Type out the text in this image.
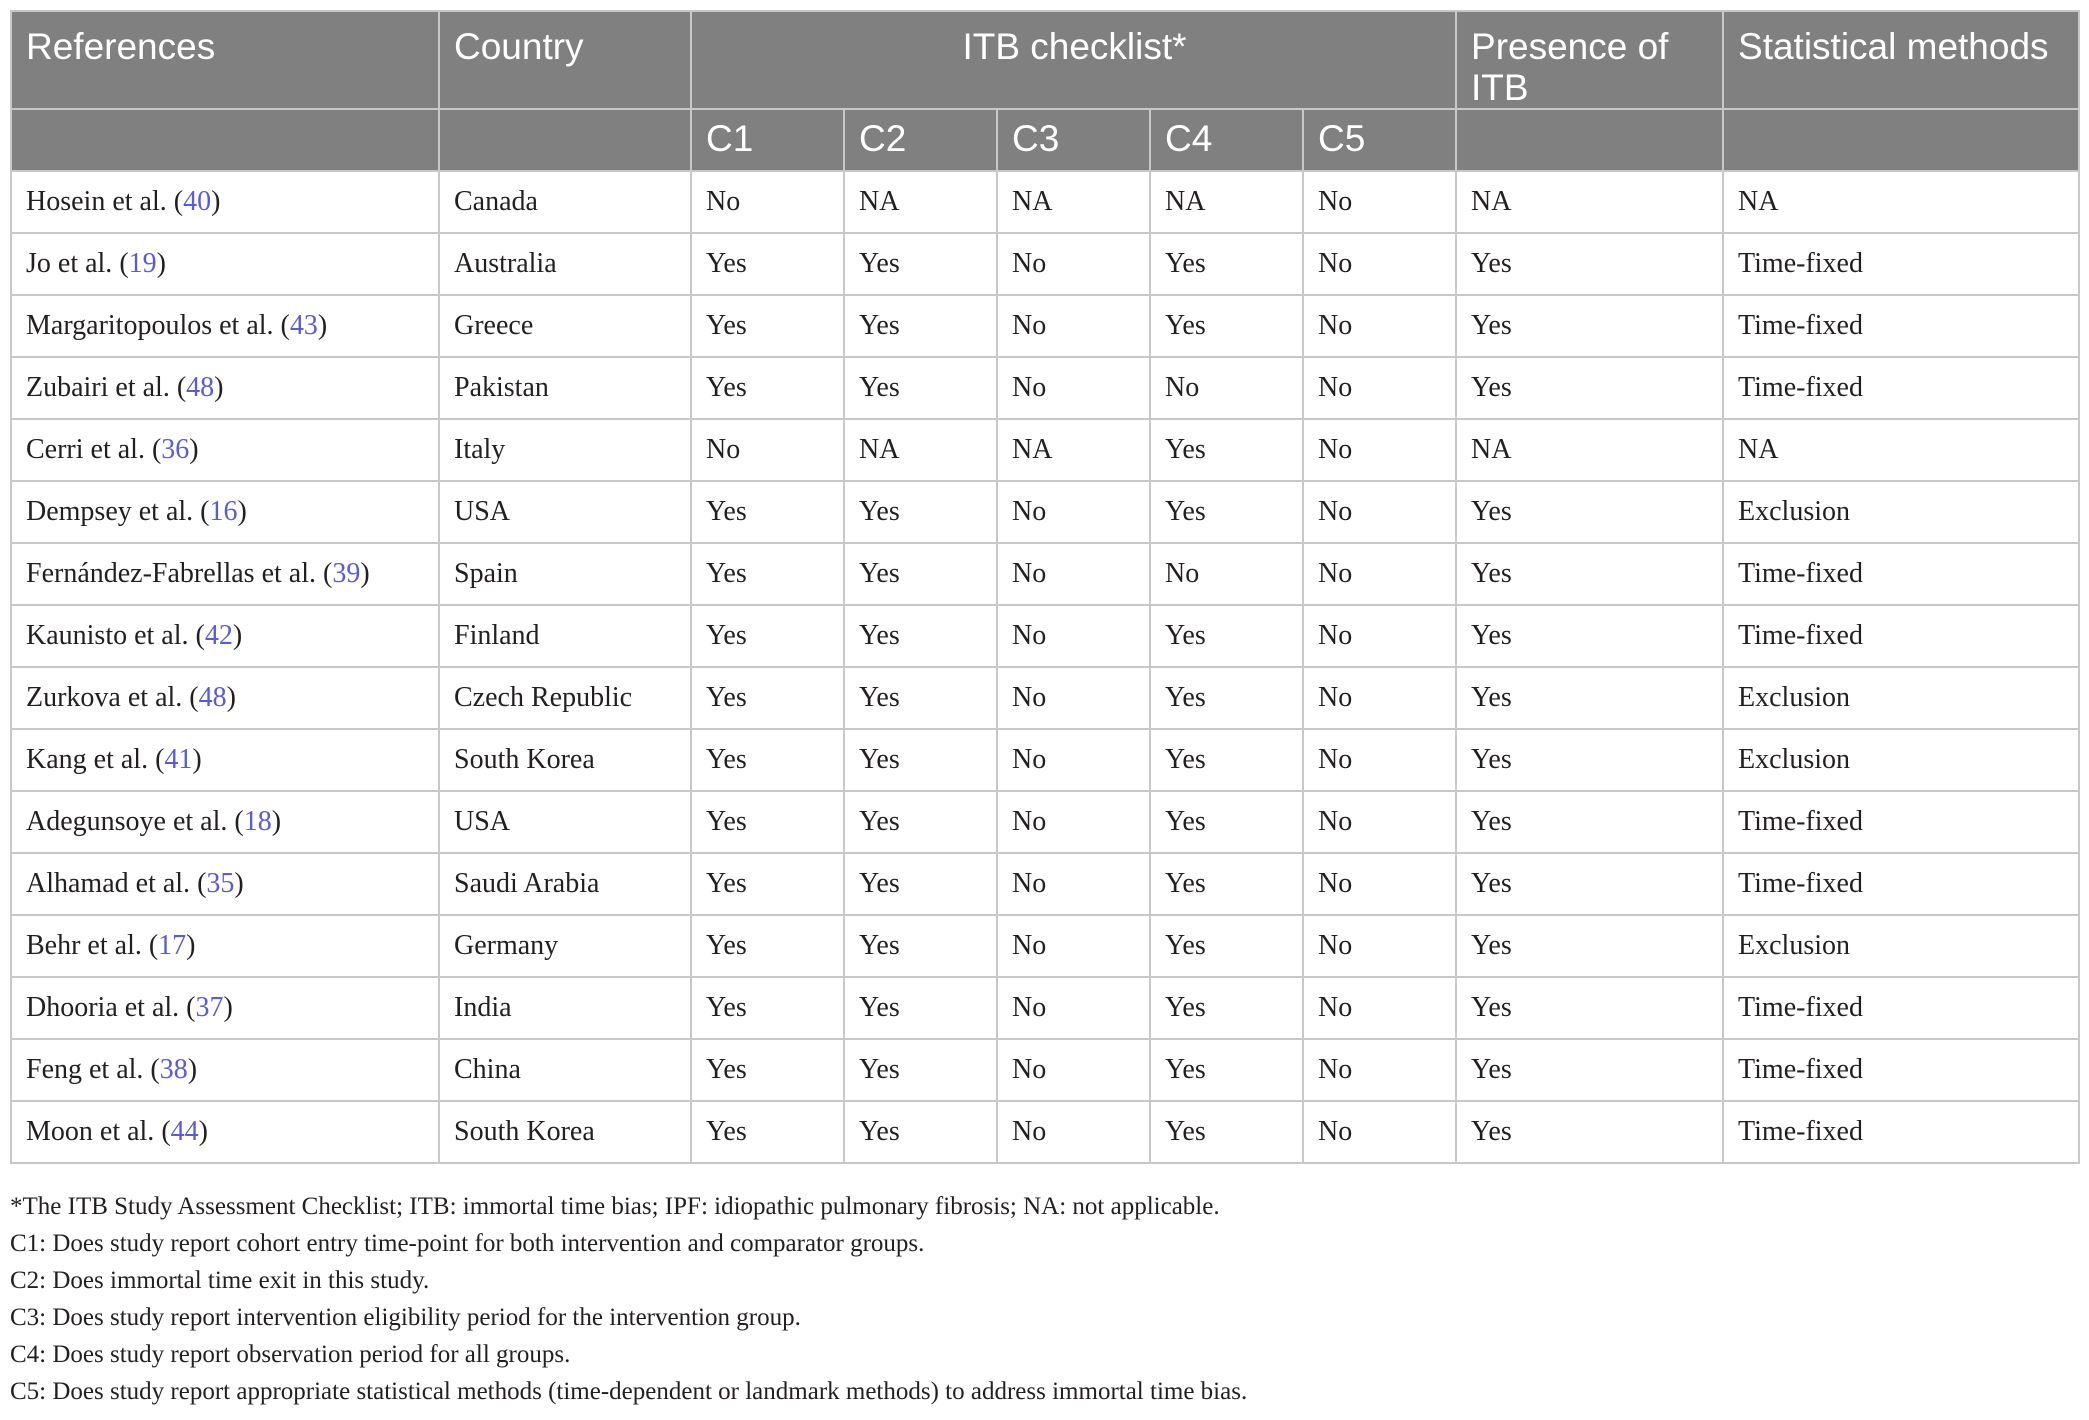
References	Country	ITB checklist*					Presence of ITB	Statistical methods
		C1	C2	C3	C4	C5		
Hosein et al. (40)	Canada	No	NA	NA	NA	No	NA	NA
Jo et al. (19)	Australia	Yes	Yes	No	Yes	No	Yes	Time-fixed
Margaritopoulos et al. (43)	Greece	Yes	Yes	No	Yes	No	Yes	Time-fixed
Zubairi et al. (48)	Pakistan	Yes	Yes	No	No	No	Yes	Time-fixed
Cerri et al. (36)	Italy	No	NA	NA	Yes	No	NA	NA
Dempsey et al. (16)	USA	Yes	Yes	No	Yes	No	Yes	Exclusion
Fernández-Fabrellas et al. (39)	Spain	Yes	Yes	No	No	No	Yes	Time-fixed
Kaunisto et al. (42)	Finland	Yes	Yes	No	Yes	No	Yes	Time-fixed
Zurkova et al. (48)	Czech Republic	Yes	Yes	No	Yes	No	Yes	Exclusion
Kang et al. (41)	South Korea	Yes	Yes	No	Yes	No	Yes	Exclusion
Adegunsoye et al. (18)	USA	Yes	Yes	No	Yes	No	Yes	Time-fixed
Alhamad et al. (35)	Saudi Arabia	Yes	Yes	No	Yes	No	Yes	Time-fixed
Behr et al. (17)	Germany	Yes	Yes	No	Yes	No	Yes	Exclusion
Dhooria et al. (37)	India	Yes	Yes	No	Yes	No	Yes	Time-fixed
Feng et al. (38)	China	Yes	Yes	No	Yes	No	Yes	Time-fixed
Moon et al. (44)	South Korea	Yes	Yes	No	Yes	No	Yes	Time-fixed

*The ITB Study Assessment Checklist; ITB: immortal time bias; IPF: idiopathic pulmonary fibrosis; NA: not applicable.

C1: Does study report cohort entry time-point for both intervention and comparator groups.

C2: Does immortal time exit in this study.

C3: Does study report intervention eligibility period for the intervention group.

C4: Does study report observation period for all groups.

C5: Does study report appropriate statistical methods (time-dependent or landmark methods) to address immortal time bias.
